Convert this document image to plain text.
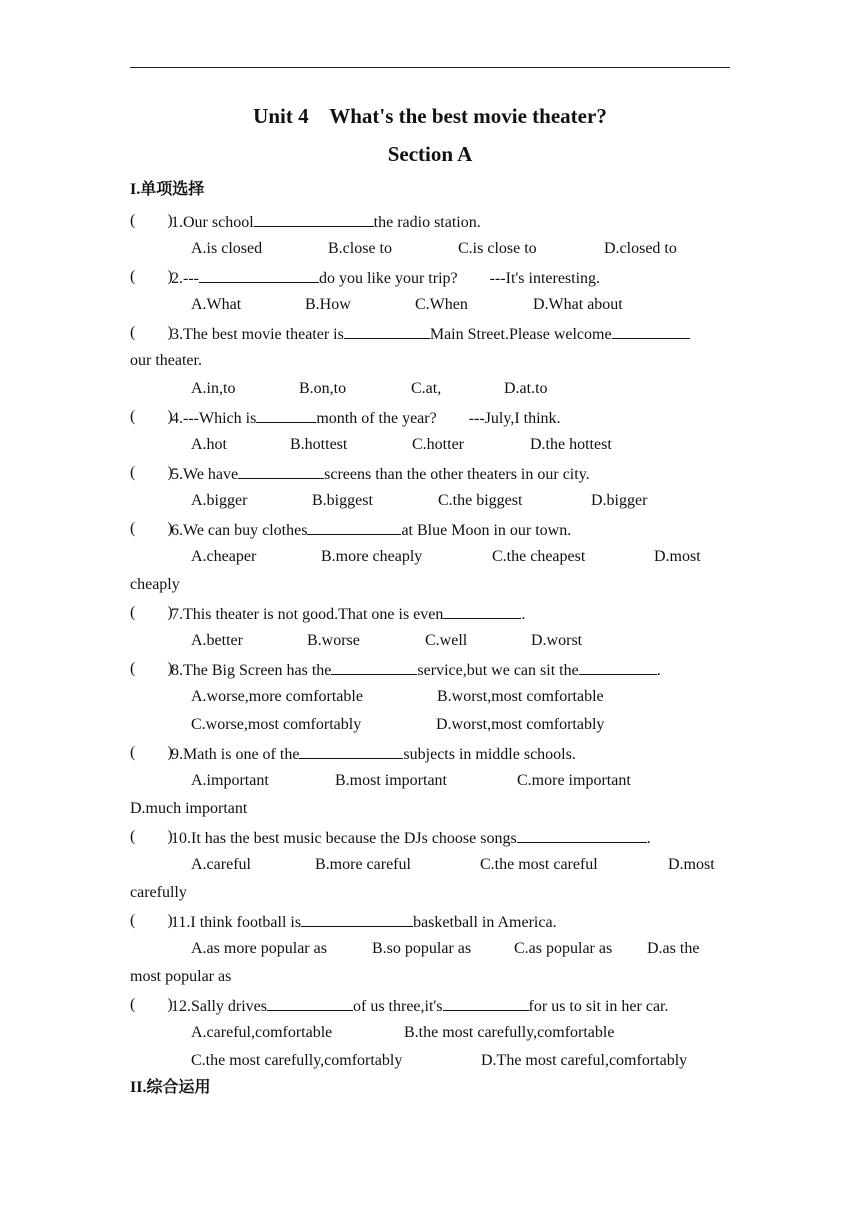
Unit 4    What's the best movie theater?
Section A
I.单项选择
(        )
1.Our school	the radio station.
A.is closed	B.close to	C.is close to	D.closed to
(        )
2.---	do you like your trip?        ---It's interesting.
A.What	B.How	C.When	D.What about
(        )
3.The best movie theater is	Main Street.Please welcome
our theater.
A.in,to	B.on,to	C.at,	D.at.to
(        )
4.---Which is	month of the year?        ---July,I think.
A.hot	B.hottest	C.hotter	D.the hottest
(        )
5.We have	screens than the other theaters in our city.
A.bigger	B.biggest	C.the biggest	D.bigger
(        )
6.We can buy clothes	at Blue Moon in our town.
A.cheaper	B.more cheaply	C.the cheapest	D.most
cheaply
(        )
7.This theater is not good.That one is even	.
A.better	B.worse	C.well	D.worst
(        )
8.The Big Screen has the	service,but we can sit the	.
A.worse,more comfortable	B.worst,most comfortable
C.worse,most comfortably	D.worst,most comfortably
(        )
9.Math is one of the	subjects in middle schools.
A.important	B.most important	C.more important
D.much important
(        )
10.It has the best music because the DJs choose songs	.
A.careful	B.more careful	C.the most careful	D.most
carefully
(        )
11.I think football is	basketball in America.
A.as more popular as	B.so popular as	C.as popular as D.as the
most popular as
(        )
12.Sally drives	of us three,it's	for us to sit in her car.
A.careful,comfortable	B.the most carefully,comfortable
C.the most carefully,comfortably	D.The most careful,comfortably
II.综合运用
